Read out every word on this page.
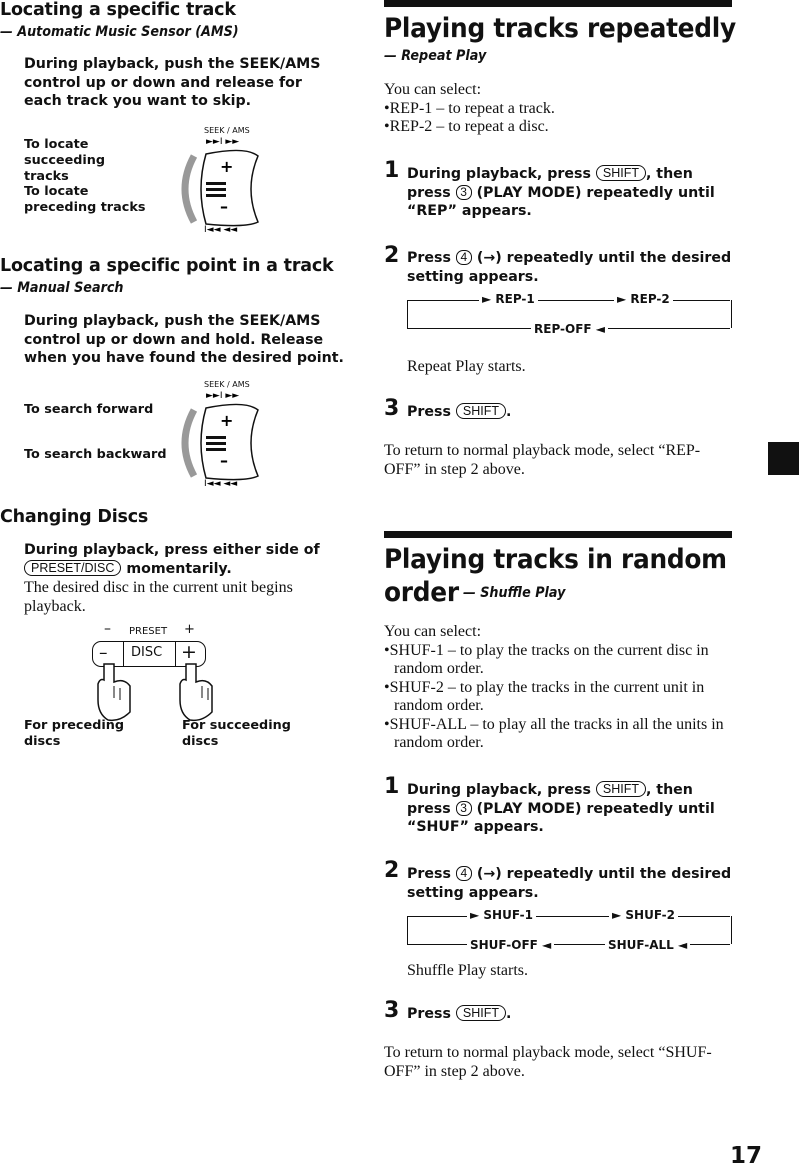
Locating a specific track
— Automatic Music Sensor (AMS)
During playback, push the SEEK/AMS control up or down and release for each track you want to skip.
To locate succeeding tracks
To locate preceding tracks
SEEK / AMS
►►I ►►
+
–
I◄◄ ◄◄
Locating a specific point in a track
— Manual Search
During playback, push the SEEK/AMS control up or down and hold. Release when you have found the desired point.
To search forward
To search backward
SEEK / AMS
►►I ►►
+
–
I◄◄ ◄◄
Changing Discs
During playback, press either side of PRESET/DISC momentarily.
The desired disc in the current unit begins playback.
– PRESET +
– DISC +
For preceding discs
For succeeding discs
Playing tracks repeatedly
— Repeat Play
You can select:
•REP-1 – to repeat a track.
•REP-2 – to repeat a disc.
1 During playback, press SHIFT , then press 3 (PLAY MODE) repeatedly until “REP” appears.
2 Press 4 (→) repeatedly until the desired setting appears.
► REP-1	► REP-2
REP-OFF ◄
Repeat Play starts.
3 Press SHIFT .
To return to normal playback mode, select “REP-OFF” in step 2 above.
Playing tracks in random
order — Shuffle Play
You can select:
•SHUF-1 – to play the tracks on the current disc in random order.
•SHUF-2 – to play the tracks in the current unit in random order.
•SHUF-ALL – to play all the tracks in all the units in random order.
1 During playback, press SHIFT , then press 3 (PLAY MODE) repeatedly until “SHUF” appears.
2 Press 4 (→) repeatedly until the desired setting appears.
► SHUF-1	► SHUF-2
SHUF-OFF ◄	SHUF-ALL ◄
Shuffle Play starts.
3 Press SHIFT .
To return to normal playback mode, select “SHUF-OFF” in step 2 above.
17
